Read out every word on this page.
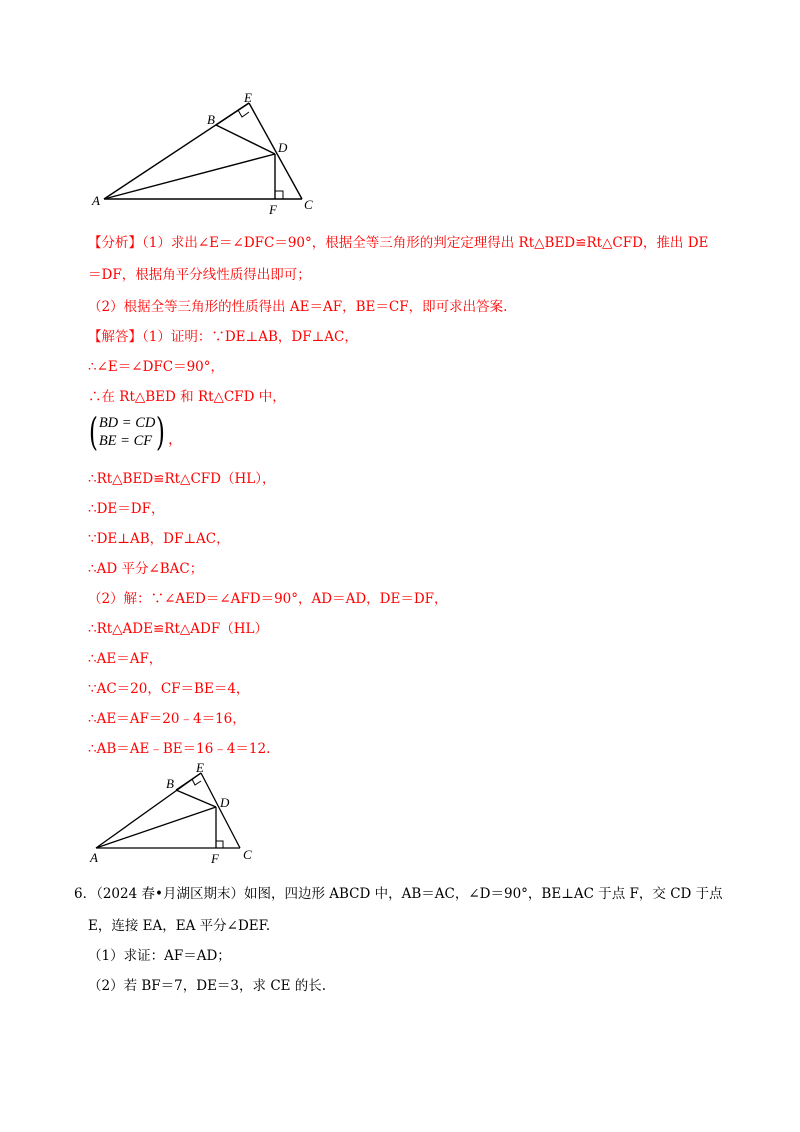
A
B
E
D
F C
【分析】（1）求出∠E＝∠DFC＝90°，根据全等三角形的判定定理得出 Rt△BED≌Rt△CFD，推出 DE
＝DF，根据角平分线性质得出即可；
（2）根据全等三角形的性质得出 AE＝AF，BE＝CF，即可求出答案.
【解答】（1）证明：∵DE⊥AB，DF⊥AC，
∴∠E＝∠DFC＝90°，
∴在 Rt△BED 和 Rt△CFD 中，
( BD = CD
BE = CF ) ，
∴Rt△BED≌Rt△CFD（HL），
∴DE＝DF，
∵DE⊥AB，DF⊥AC，
∴AD 平分∠BAC；
（2）解：∵∠AED＝∠AFD＝90°，AD＝AD，DE＝DF，
∴Rt△ADE≌Rt△ADF（HL）
∴AE＝AF，
∵AC＝20，CF＝BE＝4，
∴AE＝AF＝20﹣4＝16，
∴AB＝AE﹣BE＝16﹣4＝12.
A
B
E
D
F C
6．（2024 春•月湖区期末）如图，四边形 ABCD 中，AB＝AC，∠D＝90°，BE⊥AC 于点 F，交 CD 于点
E，连接 EA，EA 平分∠DEF.
（1）求证：AF＝AD；
（2）若 BF＝7，DE＝3，求 CE 的长.
